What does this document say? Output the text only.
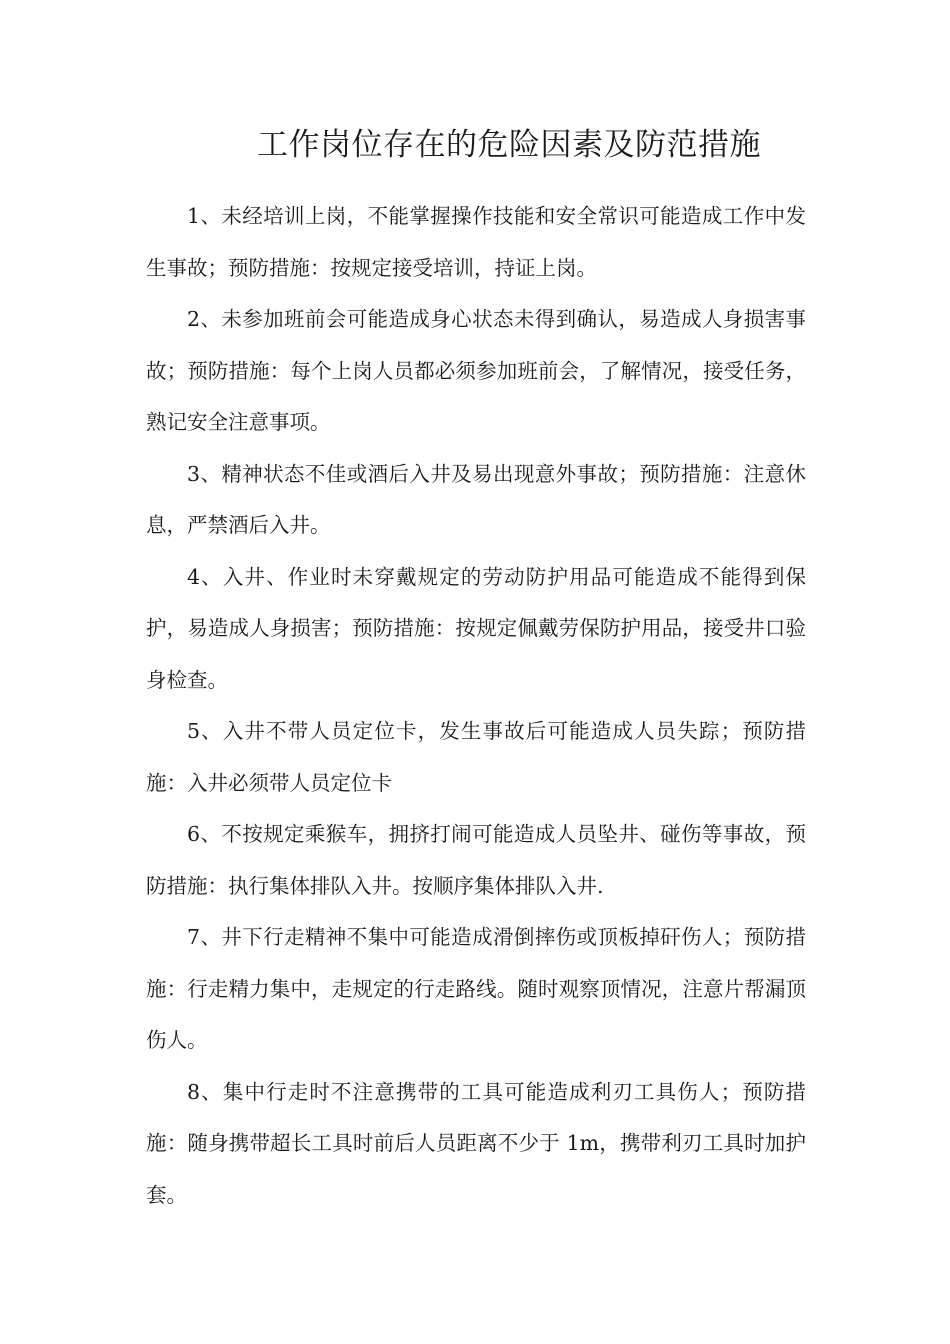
工作岗位存在的危险因素及防范措施

1、未经培训上岗，不能掌握操作技能和安全常识可能造成工作中发生事故；预防措施：按规定接受培训，持证上岗。

2、未参加班前会可能造成身心状态未得到确认，易造成人身损害事故；预防措施：每个上岗人员都必须参加班前会，了解情况，接受任务，熟记安全注意事项。

3、精神状态不佳或酒后入井及易出现意外事故；预防措施：注意休息，严禁酒后入井。

4、入井、作业时未穿戴规定的劳动防护用品可能造成不能得到保护，易造成人身损害；预防措施：按规定佩戴劳保防护用品，接受井口验身检查。

5、入井不带人员定位卡，发生事故后可能造成人员失踪；预防措施：入井必须带人员定位卡

6、不按规定乘猴车，拥挤打闹可能造成人员坠井、碰伤等事故，预防措施：执行集体排队入井。按顺序集体排队入井.

7、井下行走精神不集中可能造成滑倒摔伤或顶板掉矸伤人；预防措施：行走精力集中，走规定的行走路线。随时观察顶情况，注意片帮漏顶伤人。

8、集中行走时不注意携带的工具可能造成利刃工具伤人；预防措施：随身携带超长工具时前后人员距离不少于 1m，携带利刃工具时加护套。
